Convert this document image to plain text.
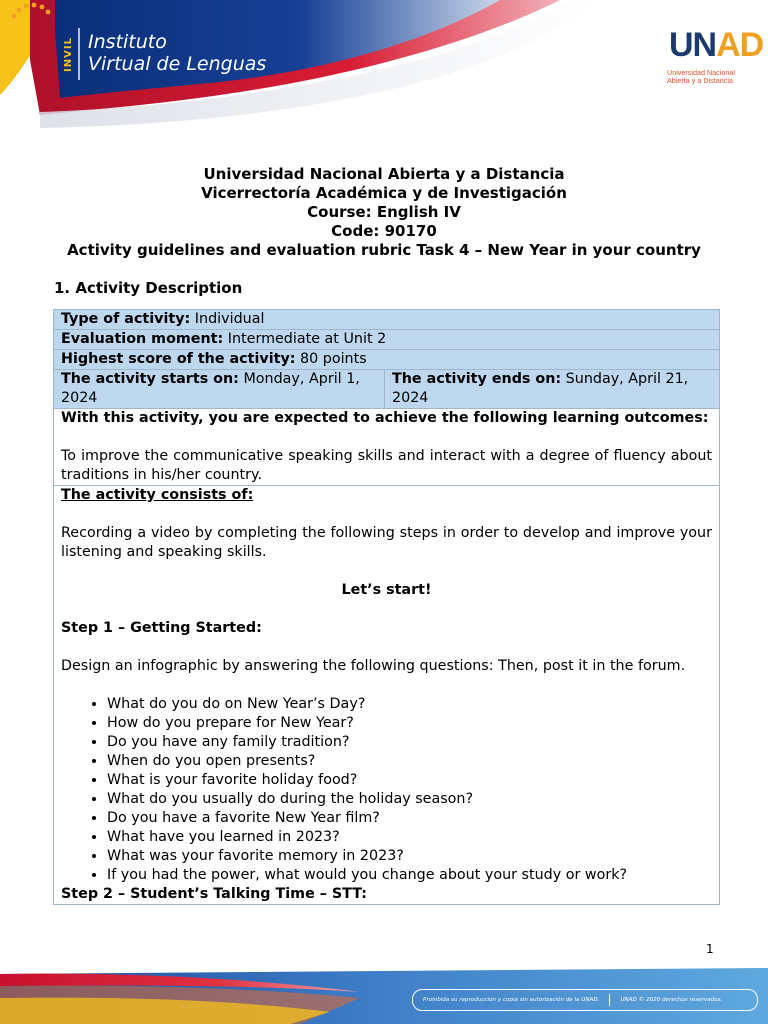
INVIL Instituto
Virtual de Lenguas	UNAD
Universidad Nacional
Abierta y a Distancia
Universidad Nacional Abierta y a Distancia
Vicerrectoría Académica y de Investigación
Course: English IV
Code: 90170
Activity guidelines and evaluation rubric Task 4 – New Year in your country
1. Activity Description
Type of activity: Individual
Evaluation moment: Intermediate at Unit 2
Highest score of the activity: 80 points
The activity starts on: Monday, April 1, 2024	The activity ends on: Sunday, April 21, 2024

With this activity, you are expected to achieve the following learning outcomes:
To improve the communicative speaking skills and interact with a degree of fluency about traditions in his/her country.

The activity consists of:
Recording a video by completing the following steps in order to develop and improve your listening and speaking skills.
Let’s start!
Step 1 – Getting Started:
Design an infographic by answering the following questions: Then, post it in the forum.
• What do you do on New Year’s Day?
• How do you prepare for New Year?
• Do you have any family tradition?
• When do you open presents?
• What is your favorite holiday food?
• What do you usually do during the holiday season?
• Do you have a favorite New Year film?
• What have you learned in 2023?
• What was your favorite memory in 2023?
• If you had the power, what would you change about your study or work?
Step 2 – Student’s Talking Time – STT:
1
Prohibida su reproducción y copia sin autorización de la UNAD.	UNAD © 2020 derechos reservados.
